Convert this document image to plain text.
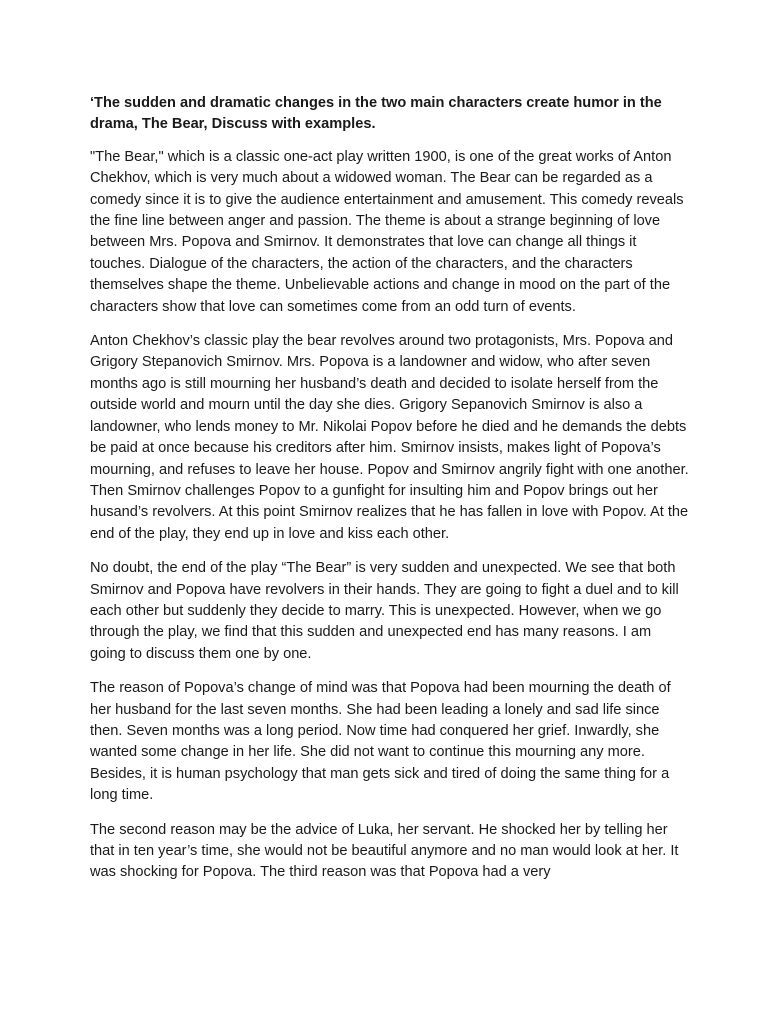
‘The sudden and dramatic changes in the two main characters create humor in the drama, The Bear, Discuss with examples.

"The Bear," which is a classic one-act play written 1900, is one of the great works of Anton Chekhov, which is very much about a widowed woman. The Bear can be regarded as a comedy since it is to give the audience entertainment and amusement. This comedy reveals the fine line between anger and passion. The theme is about a strange beginning of love between Mrs. Popova and Smirnov. It demonstrates that love can change all things it touches. Dialogue of the characters, the action of the characters, and the characters themselves shape the theme. Unbelievable actions and change in mood on the part of the characters show that love can sometimes come from an odd turn of events.

Anton Chekhov’s classic play the bear revolves around two protagonists, Mrs. Popova and Grigory Stepanovich Smirnov. Mrs. Popova is a landowner and widow, who after seven months ago is still mourning her husband’s death and decided to isolate herself from the outside world and mourn until the day she dies. Grigory Sepanovich Smirnov is also a landowner, who lends money to Mr. Nikolai Popov before he died and he demands the debts be paid at once because his creditors after him. Smirnov insists, makes light of Popova’s mourning, and refuses to leave her house. Popov and Smirnov angrily fight with one another. Then Smirnov challenges Popov to a gunfight for insulting him and Popov brings out her husand’s revolvers. At this point Smirnov realizes that he has fallen in love with Popov. At the end of the play, they end up in love and kiss each other.

No doubt, the end of the play “The Bear” is very sudden and unexpected. We see that both Smirnov and Popova have revolvers in their hands. They are going to fight a duel and to kill each other but suddenly they decide to marry. This is unexpected. However, when we go through the play, we find that this sudden and unexpected end has many reasons. I am going to discuss them one by one.

The reason of Popova’s change of mind was that Popova had been mourning the death of her husband for the last seven months. She had been leading a lonely and sad life since then. Seven months was a long period. Now time had conquered her grief. Inwardly, she wanted some change in her life. She did not want to continue this mourning any more. Besides, it is human psychology that man gets sick and tired of doing the same thing for a long time.

The second reason may be the advice of Luka, her servant. He shocked her by telling her that in ten year’s time, she would not be beautiful anymore and no man would look at her. It was shocking for Popova. The third reason was that Popova had a very
